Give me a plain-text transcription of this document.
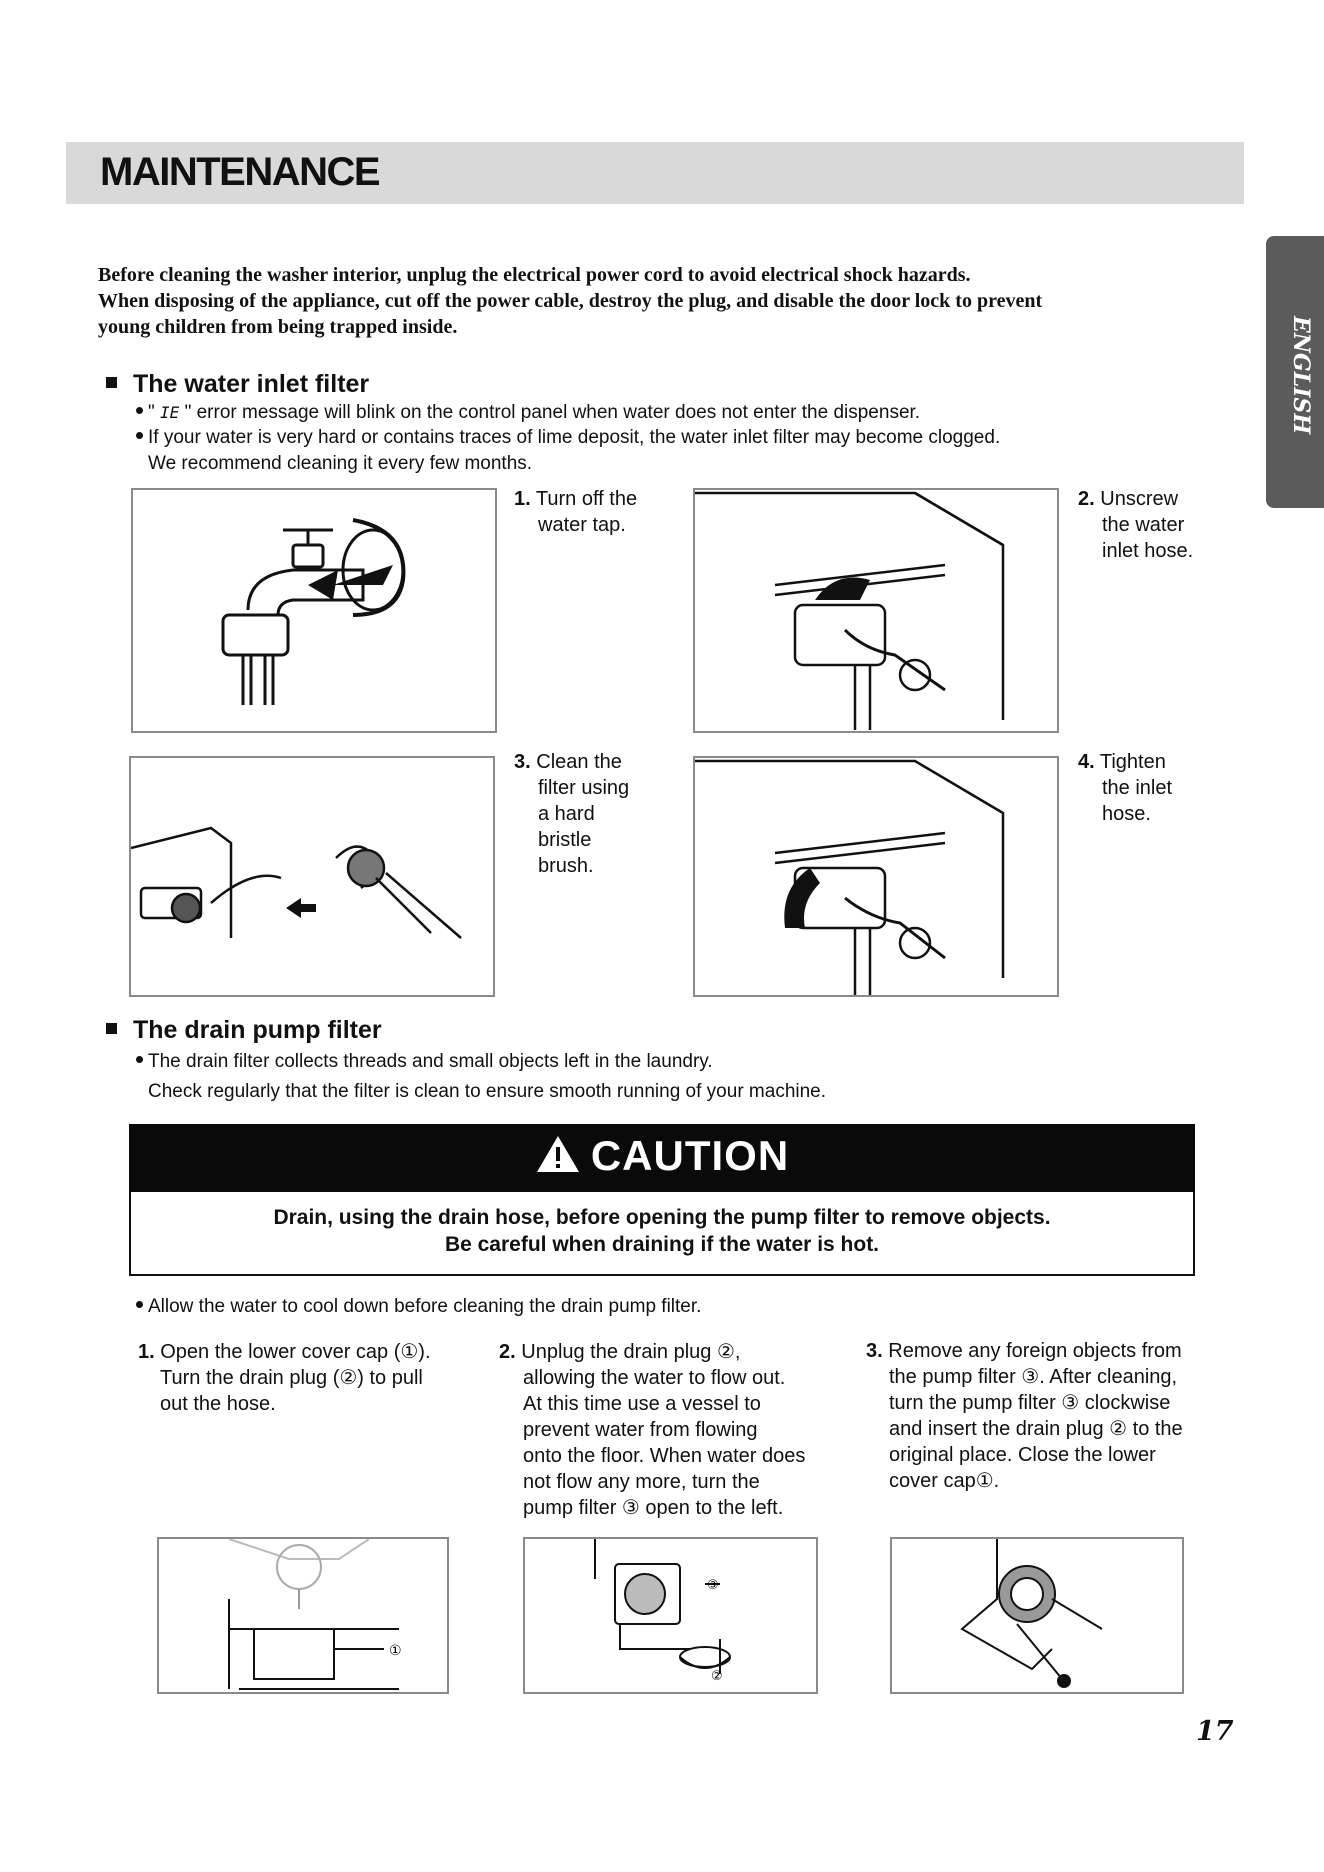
MAINTENANCE
ENGLISH

Before cleaning the washer interior, unplug the electrical power cord to avoid electrical shock hazards.

When disposing of the appliance, cut off the power cable, destroy the plug, and disable the door lock to prevent

young children from being trapped inside.

The water inlet filter
" IE " error message will blink on the control panel when water does not enter the dispenser.
If your water is very hard or contains traces of lime deposit, the water inlet filter may become clogged.
We recommend cleaning it every few months.
1. Turn off the
water tap.
2. Unscrew
the water
inlet hose.
3. Clean the
filter using
a hard
bristle
brush.
4. Tighten
the inlet
hose.
The drain pump filter
The drain filter collects threads and small objects left in the laundry.
Check regularly that the filter is clean to ensure smooth running of your machine.
CAUTION
Drain, using the drain hose, before opening the pump filter to remove objects.
Be careful when draining if the water is hot.
Allow the water to cool down before cleaning the drain pump filter.
1. Open the lower cover cap (①).
Turn the drain plug (②) to pull
out the hose.
2. Unplug the drain plug ②,
allowing the water to flow out.
At this time use a vessel to
prevent water from flowing
onto the floor. When water does
not flow any more, turn the
pump filter ③ open to the left.
3. Remove any foreign objects from
the pump filter ③. After cleaning,
turn the pump filter ③ clockwise
and insert the drain plug ② to the
original place. Close the lower
cover cap①.
①
③
②
17
